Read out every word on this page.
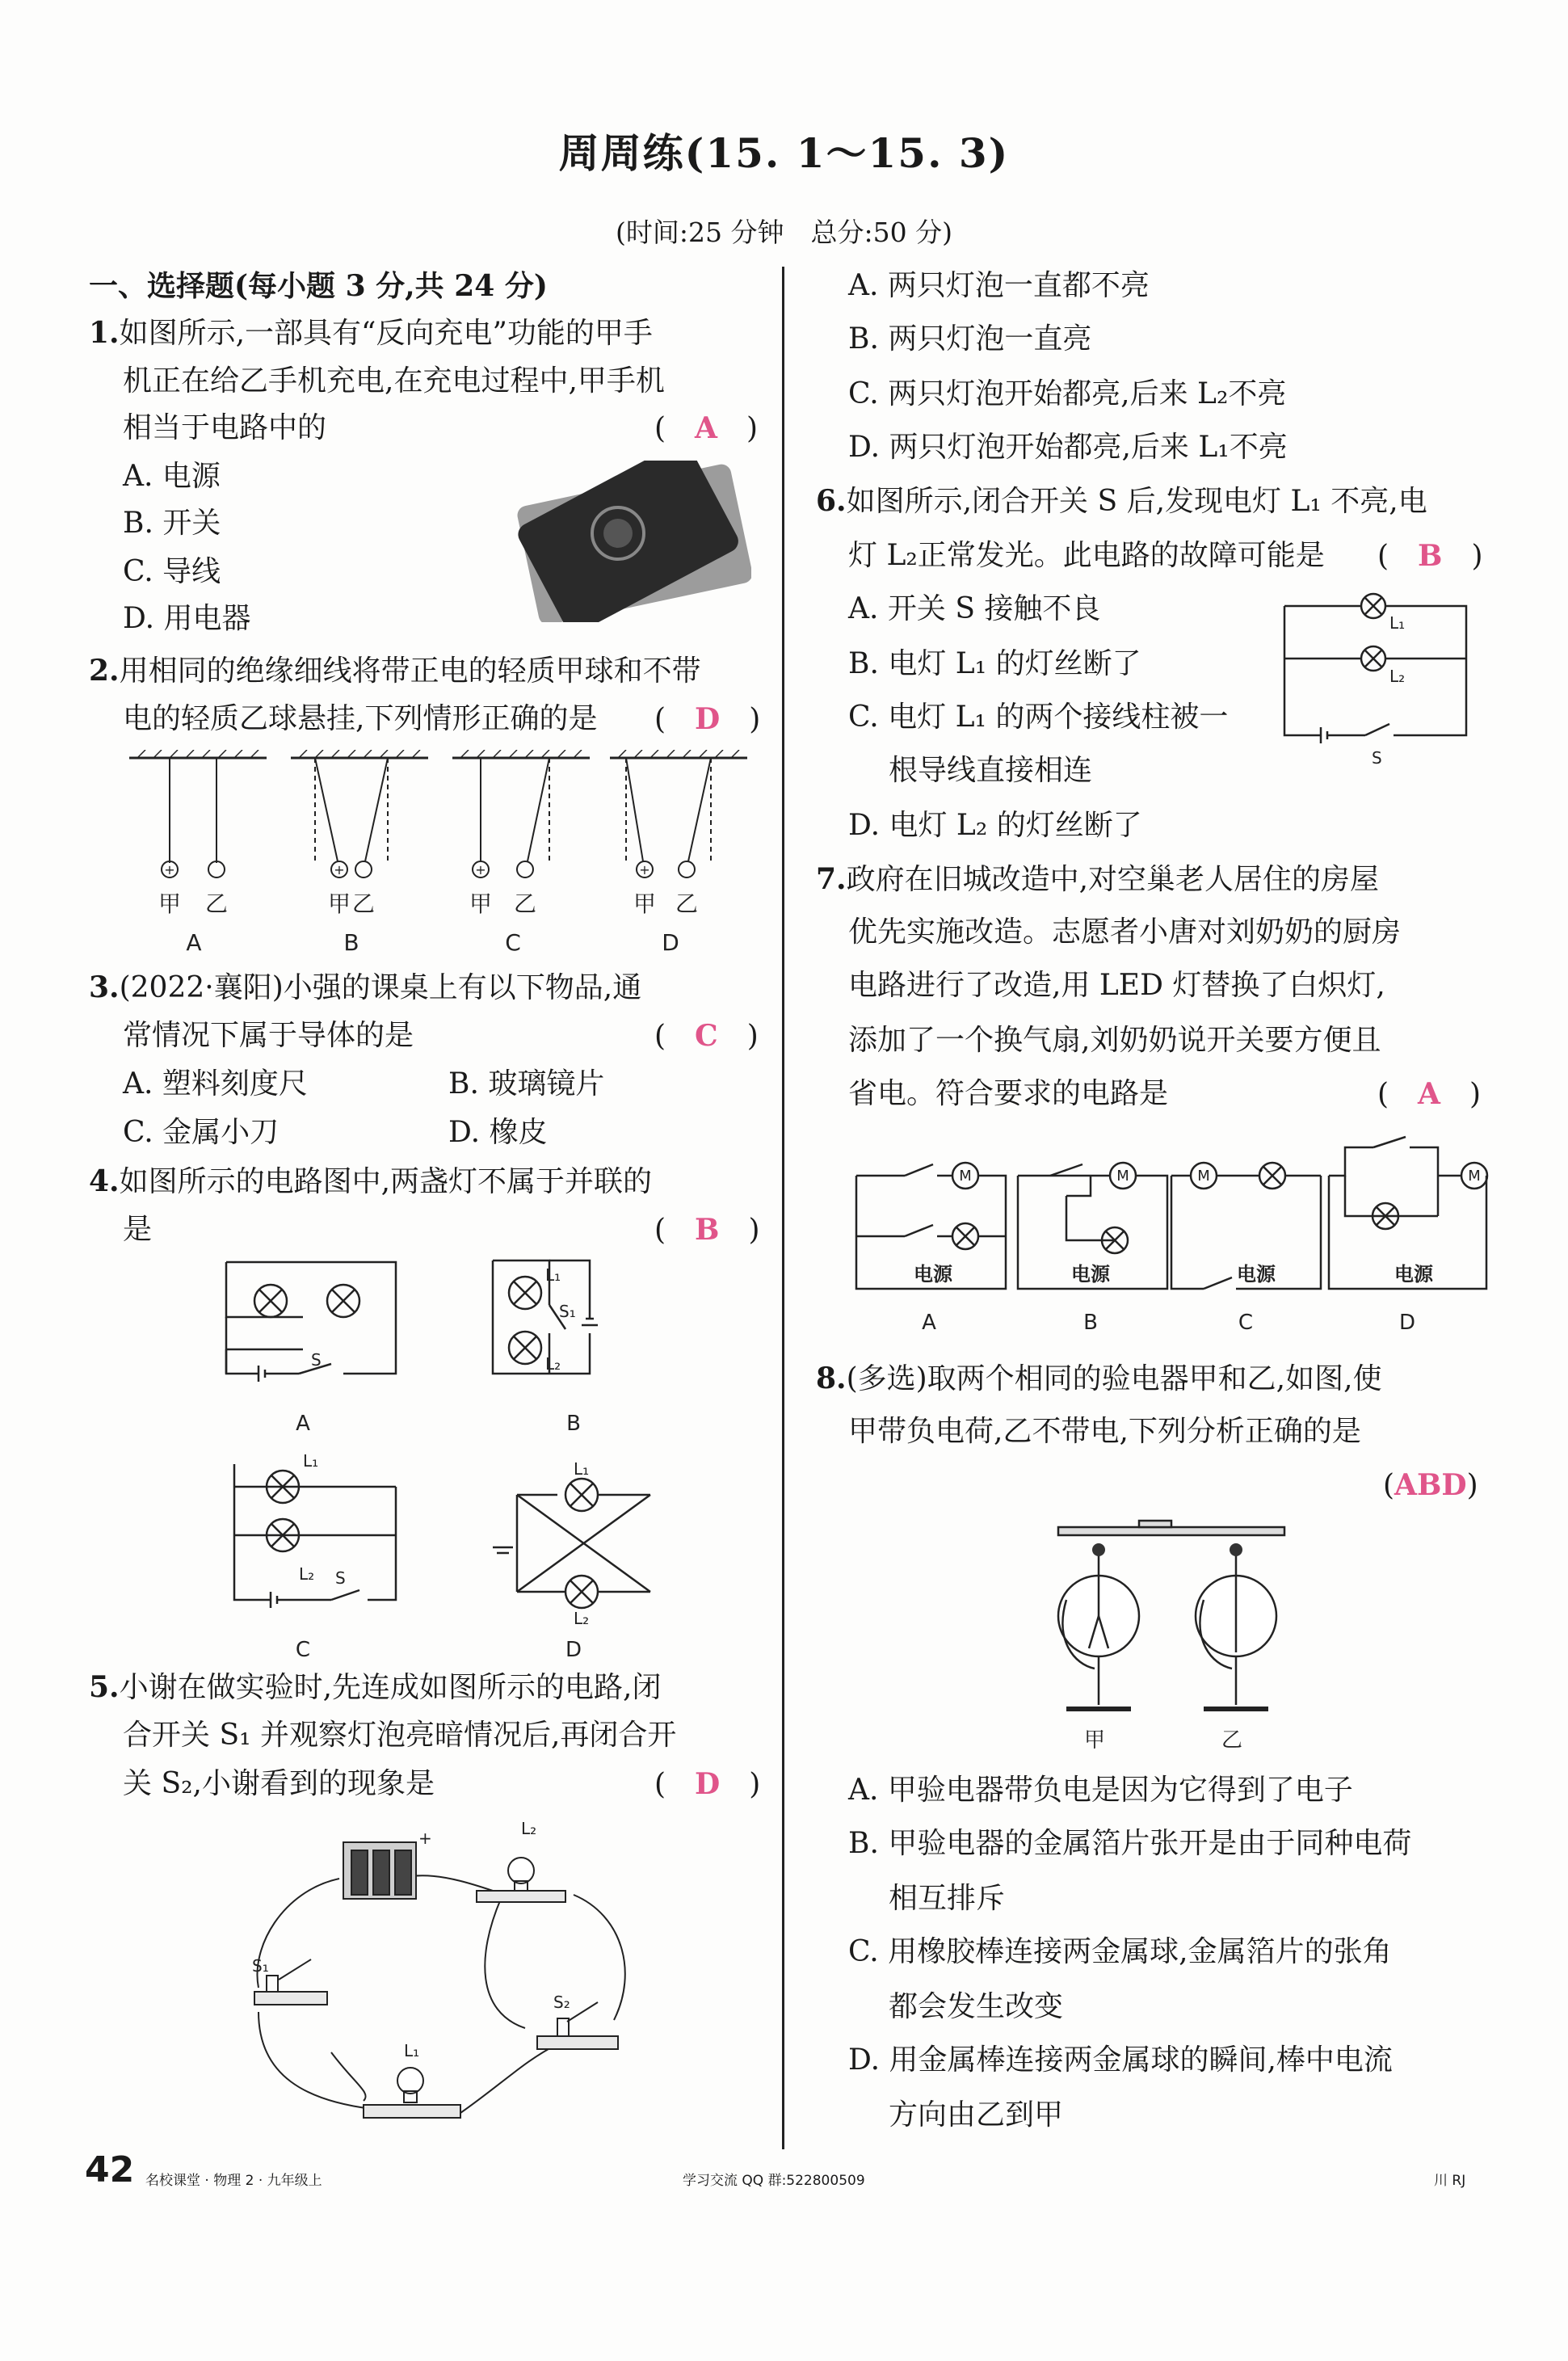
周周练(15. 1～15. 3)
(时间:25 分钟　总分:50 分)
一、选择题(每小题 3 分,共 24 分)
1.如图所示,一部具有“反向充电”功能的甲手
机正在给乙手机充电,在充电过程中,甲手机
相当于电路中的	(　A　)
A. 电源
B. 开关
C. 导线
D. 用电器
2.用相同的绝缘细线将带正电的轻质甲球和不带
电的轻质乙球悬挂,下列情形正确的是 (　D　)
+	+	+	+
甲 乙	甲 乙	甲 乙	甲 乙
A	B	C	D
3.(2022·襄阳)小强的课桌上有以下物品,通
常情况下属于导体的是	(　C　)
A. 塑料刻度尺	B. 玻璃镜片
C. 金属小刀	D. 橡皮
4.如图所示的电路图中,两盏灯不属于并联的
是	(　B　)
A	B
C	D
S
L₁
L₂
S₁
L₁
L₂ S
L₁
L₂
5.小谢在做实验时,先连成如图所示的电路,闭
合开关 S₁ 并观察灯泡亮暗情况后,再闭合开
关 S₂,小谢看到的现象是	(　D　)
L₂
+
S₁
S₂
L₁
A. 两只灯泡一直都不亮
B. 两只灯泡一直亮
C. 两只灯泡开始都亮,后来 L₂不亮
D. 两只灯泡开始都亮,后来 L₁不亮
6.如图所示,闭合开关 S 后,发现电灯 L₁ 不亮,电
灯 L₂正常发光。此电路的故障可能是 (　B　)
A. 开关 S 接触不良
B. 电灯 L₁ 的灯丝断了
C. 电灯 L₁ 的两个接线柱被一
根导线直接相连
D. 电灯 L₂ 的灯丝断了
L₁
L₂
S
7.政府在旧城改造中,对空巢老人居住的房屋
优先实施改造。志愿者小唐对刘奶奶的厨房
电路进行了改造,用 LED 灯替换了白炽灯,
添加了一个换气扇,刘奶奶说开关要方便且
省电。符合要求的电路是	(　A　)
M	M	M	M
电源	电源	电源	电源
A	B	C	D
8.(多选)取两个相同的验电器甲和乙,如图,使
甲带负电荷,乙不带电,下列分析正确的是
(ABD)
甲	乙
A. 甲验电器带负电是因为它得到了电子
B. 甲验电器的金属箔片张开是由于同种电荷
相互排斥
C. 用橡胶棒连接两金属球,金属箔片的张角
都会发生改变
D. 用金属棒连接两金属球的瞬间,棒中电流
方向由乙到甲
42 名校课堂 · 物理 2 · 九年级上	学习交流 QQ 群:522800509	川 RJ
